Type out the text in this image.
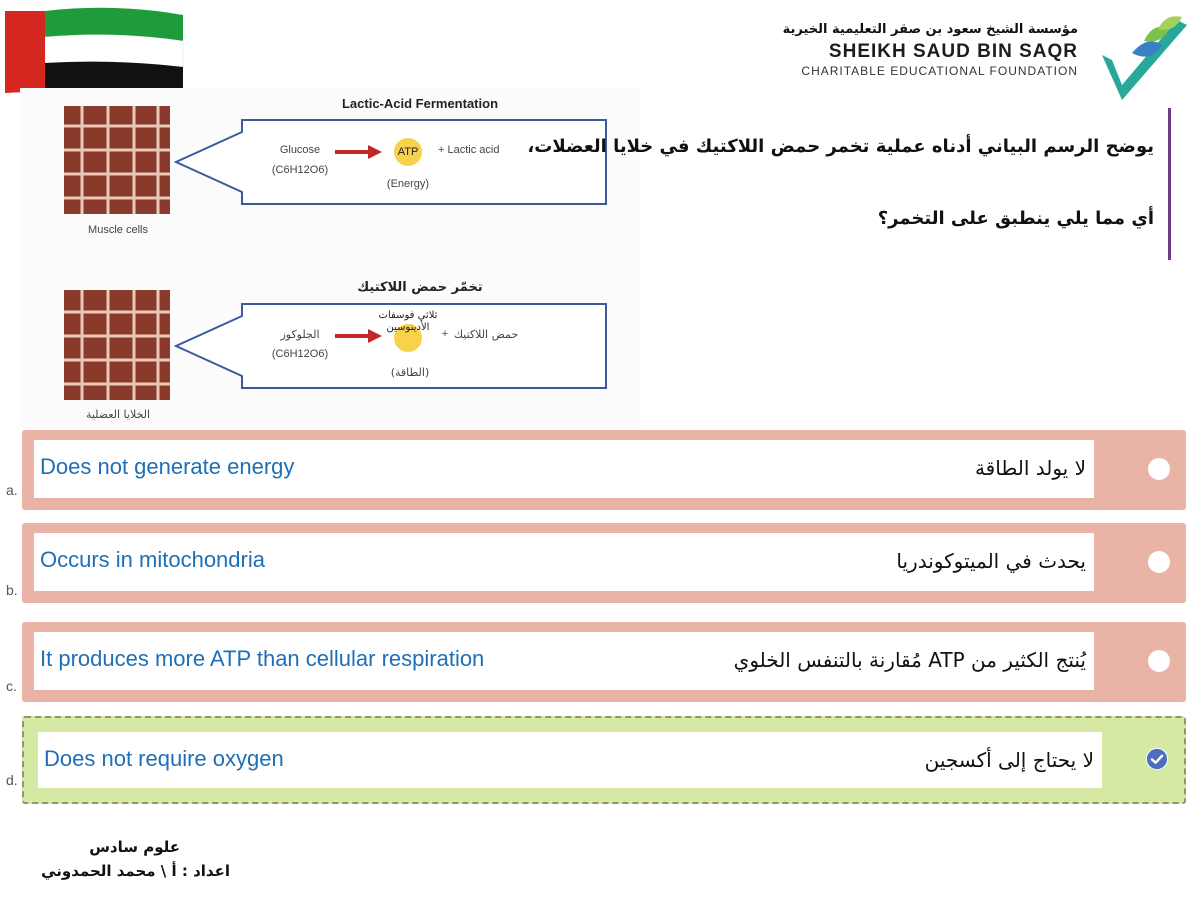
مؤسسة الشيخ سعود بن صقر التعليمية الخيرية
SHEIKH SAUD BIN SAQR
CHARITABLE EDUCATIONAL FOUNDATION
Lactic-Acid Fermentation
Muscle cells
Glucose
(C6H12O6)
ATP
(Energy)
+ Lactic acid
تخمّر حمض اللاكتيك
الخلايا العضلية
الجلوكوز
(C6H12O6)
ثلاثي فوسفات الأدينوسين
(الطاقة)
+ حمض اللاكتيك

يوضح الرسم البياني أدناه عملية تخمر حمض اللاكتيك في خلايا العضلات،

أي مما يلي ينطبق على التخمر؟

Does not generate energy	لا يولد الطاقة
a.
Occurs in mitochondria	يحدث في الميتوكوندريا
b.
It produces more ATP than cellular respiration	يُنتج الكثير من ATP مُقارنة بالتنفس الخلوي
c.
Does not require oxygen	لا يحتاج إلى أكسجين
d.
علوم سادس
اعداد : أ \ محمد الحمدوني
